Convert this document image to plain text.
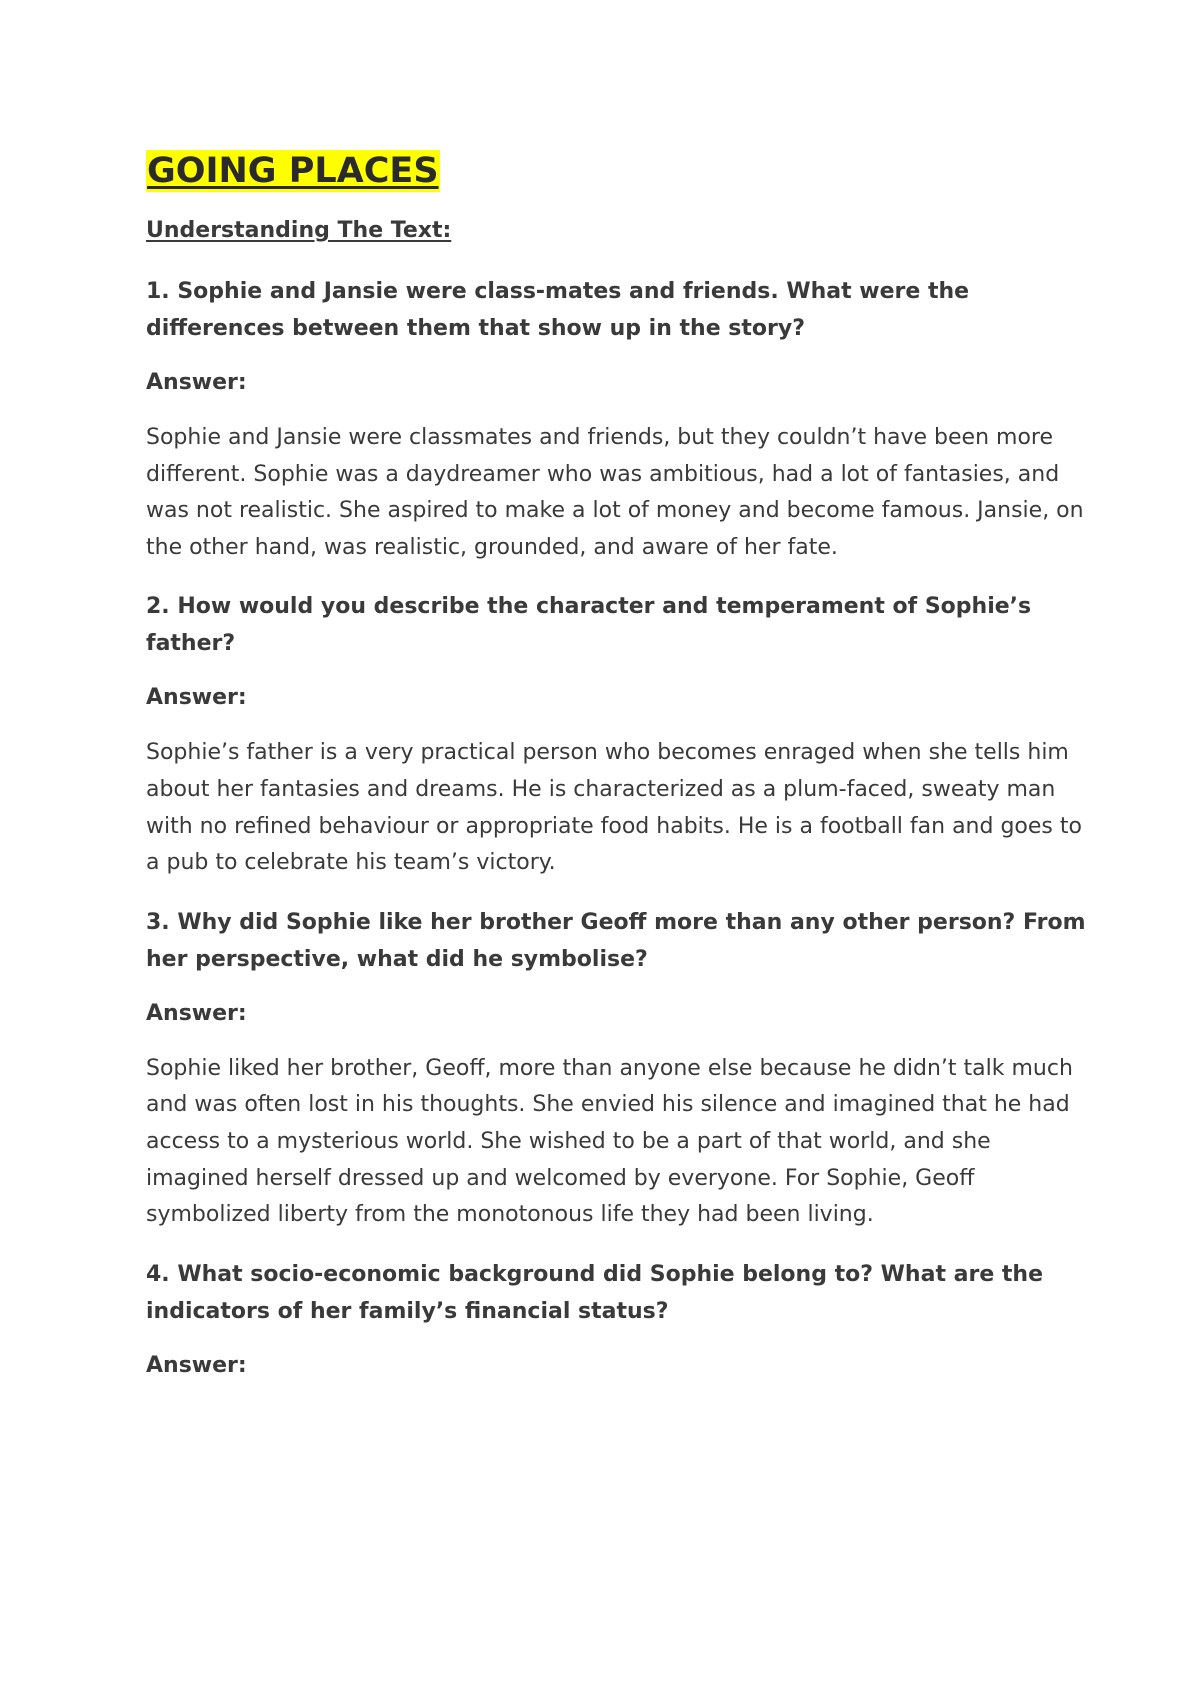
GOING PLACES

Understanding The Text:

1. Sophie and Jansie were class-mates and friends. What were the differences between them that show up in the story?

Answer:

Sophie and Jansie were classmates and friends, but they couldn’t have been more different. Sophie was a daydreamer who was ambitious, had a lot of fantasies, and was not realistic. She aspired to make a lot of money and become famous. Jansie, on the other hand, was realistic, grounded, and aware of her fate.

2. How would you describe the character and temperament of Sophie’s father?

Answer:

Sophie’s father is a very practical person who becomes enraged when she tells him about her fantasies and dreams. He is characterized as a plum-faced, sweaty man with no refined behaviour or appropriate food habits. He is a football fan and goes to a pub to celebrate his team’s victory.

3. Why did Sophie like her brother Geoff more than any other person? From her perspective, what did he symbolise?

Answer:

Sophie liked her brother, Geoff, more than anyone else because he didn’t talk much and was often lost in his thoughts. She envied his silence and imagined that he had access to a mysterious world. She wished to be a part of that world, and she imagined herself dressed up and welcomed by everyone. For Sophie, Geoff symbolized liberty from the monotonous life they had been living.

4. What socio-economic background did Sophie belong to? What are the indicators of her family’s financial status?

Answer:
